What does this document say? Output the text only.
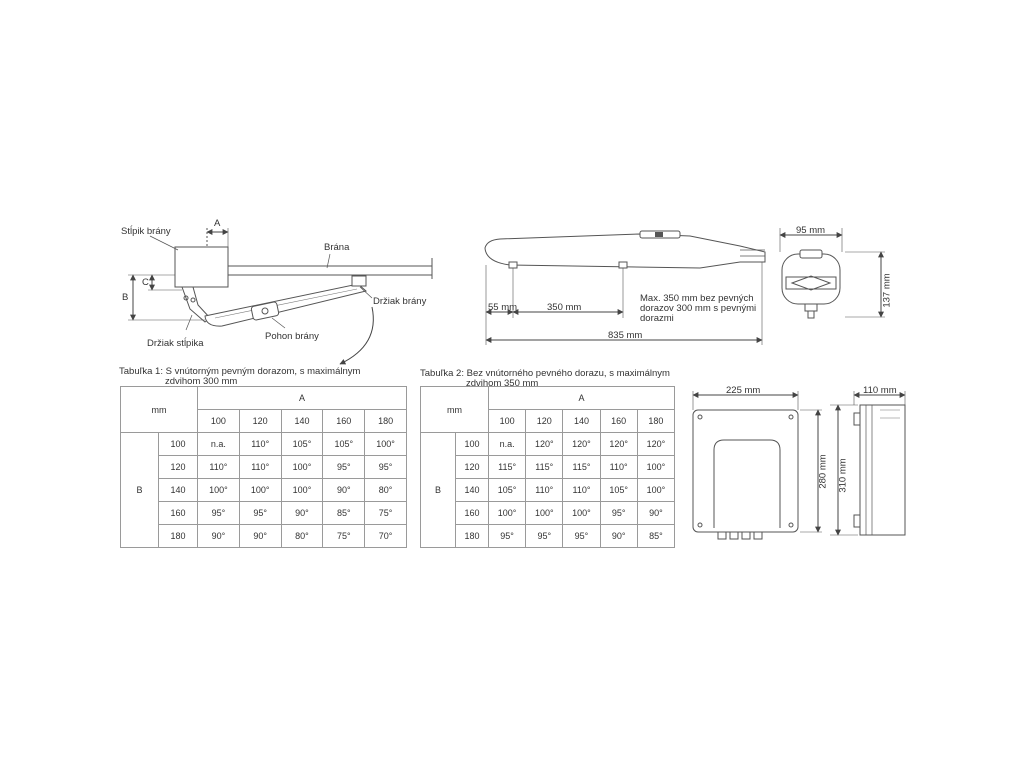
Stĺpik brány
A
Brána
B
C
Držiak brány
Držiak stĺpika
Pohon brány
55 mm	350 mm
835 mm
Max. 350 mm bez pevných
dorazov 300 mm s pevnými
dorazmi
95 mm
137 mm
225 mm
280 mm
110 mm
310 mm
Tabuľka 1: S vnútorným pevným dorazom, s maximálnym
zdvihom 300 mm
mm		A				
		100	120	140	160	180
B	100	n.a.	110°	105°	105°	100°
	120	110°	110°	100°	95°	95°
	140	100°	100°	100°	90°	80°
	160	95°	95°	90°	85°	75°
	180	90°	90°	80°	75°	70°
Tabuľka 2: Bez vnútorného pevného dorazu, s maximálnym
zdvihom 350 mm
mm		A				
		100	120	140	160	180
B	100	n.a.	120°	120°	120°	120°
	120	115°	115°	115°	110°	100°
	140	105°	110°	110°	105°	100°
	160	100°	100°	100°	95°	90°
	180	95°	95°	95°	90°	85°
